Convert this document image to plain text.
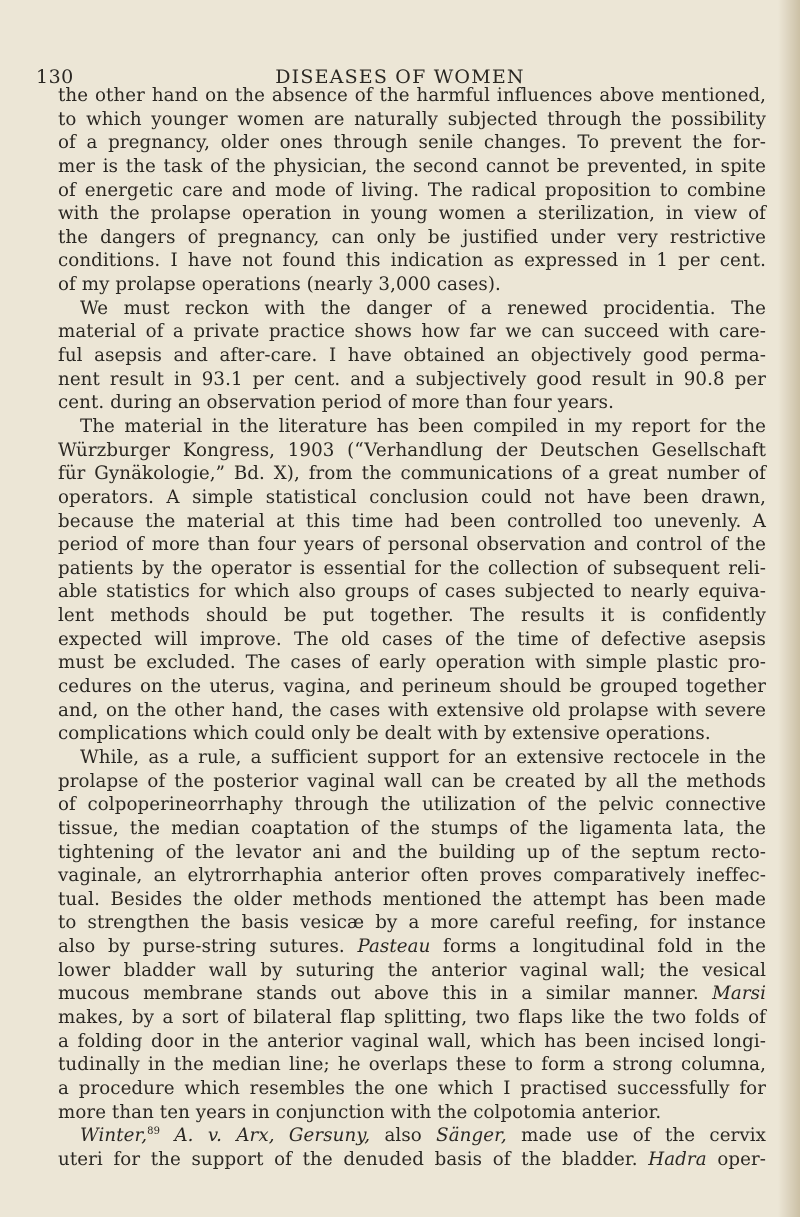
130	DISEASES OF WOMEN
the other hand on the absence of the harmful influences above mentioned,
to which younger women are naturally subjected through the possibility
of a pregnancy, older ones through senile changes. To prevent the for-
mer is the task of the physician, the second cannot be prevented, in spite
of energetic care and mode of living. The radical proposition to combine
with the prolapse operation in young women a sterilization, in view of
the dangers of pregnancy, can only be justified under very restrictive
conditions. I have not found this indication as expressed in 1 per cent.
of my prolapse operations (nearly 3,000 cases).
We must reckon with the danger of a renewed procidentia. The
material of a private practice shows how far we can succeed with care-
ful asepsis and after-care. I have obtained an objectively good perma-
nent result in 93.1 per cent. and a subjectively good result in 90.8 per
cent. during an observation period of more than four years.
The material in the literature has been compiled in my report for the
Würzburger Kongress, 1903 (“Verhandlung der Deutschen Gesellschaft
für Gynäkologie,” Bd. X), from the communications of a great number of
operators. A simple statistical conclusion could not have been drawn,
because the material at this time had been controlled too unevenly. A
period of more than four years of personal observation and control of the
patients by the operator is essential for the collection of subsequent reli-
able statistics for which also groups of cases subjected to nearly equiva-
lent methods should be put together. The results it is confidently
expected will improve. The old cases of the time of defective asepsis
must be excluded. The cases of early operation with simple plastic pro-
cedures on the uterus, vagina, and perineum should be grouped together
and, on the other hand, the cases with extensive old prolapse with severe
complications which could only be dealt with by extensive operations.
While, as a rule, a sufficient support for an extensive rectocele in the
prolapse of the posterior vaginal wall can be created by all the methods
of colpoperineorrhaphy through the utilization of the pelvic connective
tissue, the median coaptation of the stumps of the ligamenta lata, the
tightening of the levator ani and the building up of the septum recto-
vaginale, an elytrorrhaphia anterior often proves comparatively ineffec-
tual. Besides the older methods mentioned the attempt has been made
to strengthen the basis vesicæ by a more careful reefing, for instance
also by purse-string sutures. Pasteau forms a longitudinal fold in the
lower bladder wall by suturing the anterior vaginal wall; the vesical
mucous membrane stands out above this in a similar manner. Marsi
makes, by a sort of bilateral flap splitting, two flaps like the two folds of
a folding door in the anterior vaginal wall, which has been incised longi-
tudinally in the median line; he overlaps these to form a strong columna,
a procedure which resembles the one which I practised successfully for
more than ten years in conjunction with the colpotomia anterior.
Winter,$^{89}$ A. v. Arx, Gersuny, also Sänger, made use of the cervix
uteri for the support of the denuded basis of the bladder. Hadra oper-
